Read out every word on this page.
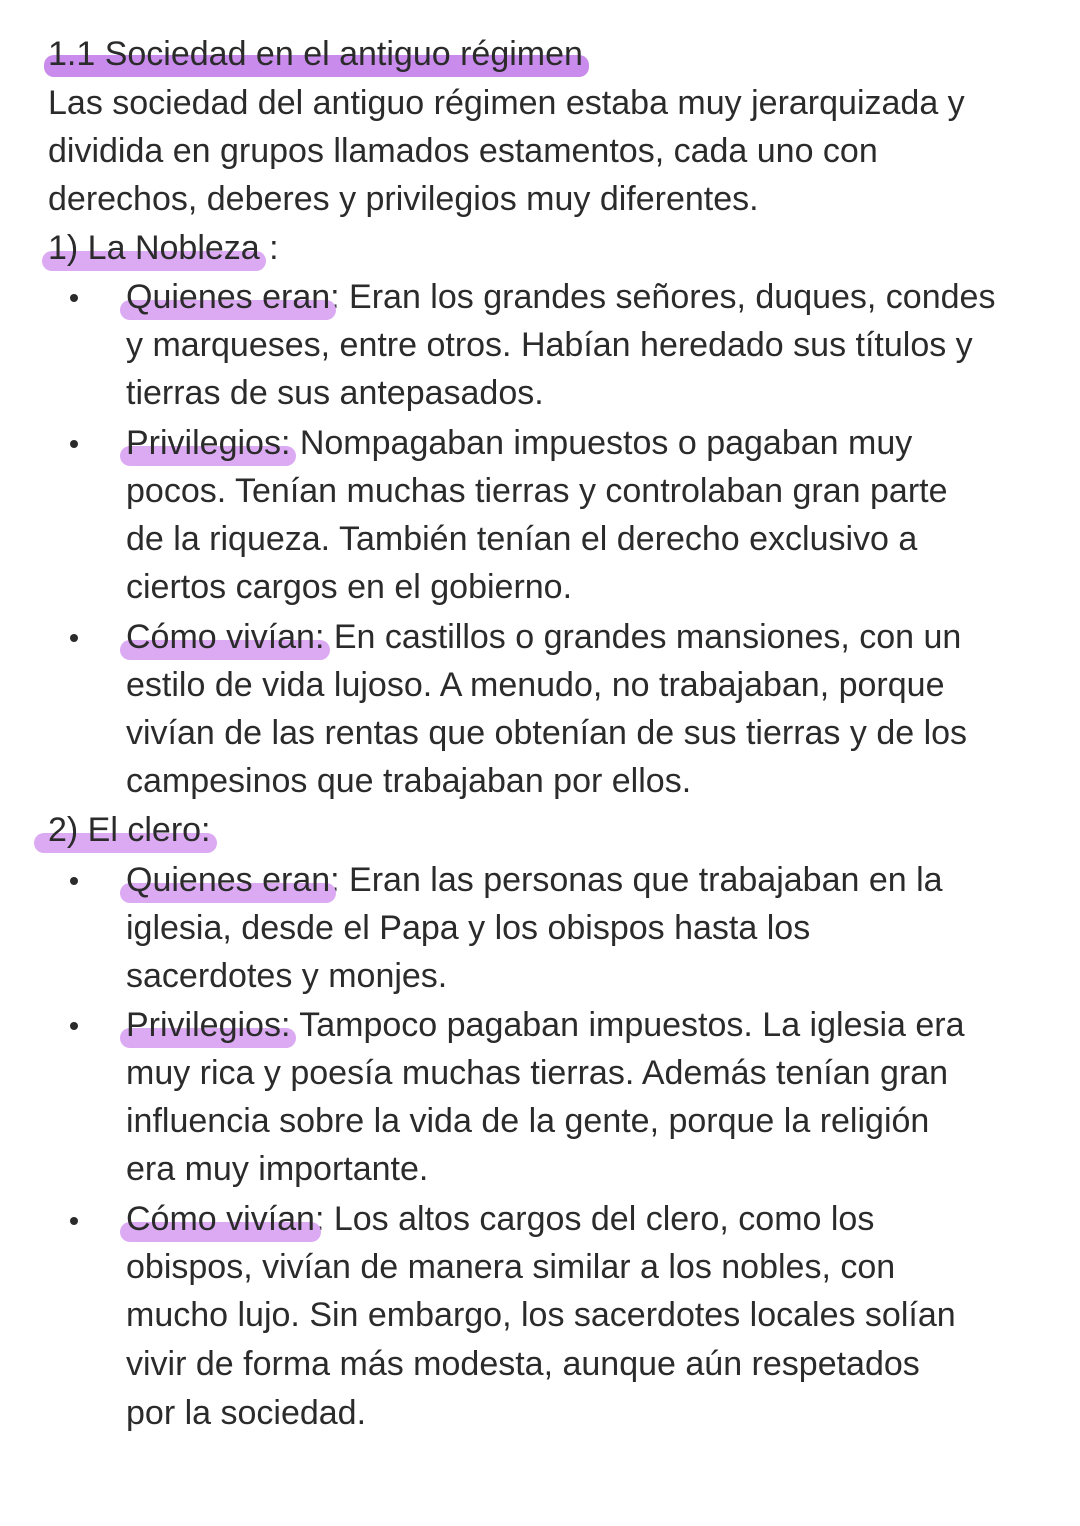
1.1 Sociedad en el antiguo régimen
Las sociedad del antiguo régimen estaba muy jerarquizada y
dividida en grupos llamados estamentos, cada uno con
derechos, deberes y privilegios muy diferentes.
1) La Nobleza :
Quienes eran: Eran los grandes señores, duques, condes
y marqueses, entre otros. Habían heredado sus títulos y
tierras de sus antepasados.
Privilegios: Nompagaban impuestos o pagaban muy
pocos. Tenían muchas tierras y controlaban gran parte
de la riqueza. También tenían el derecho exclusivo a
ciertos cargos en el gobierno.
Cómo vivían: En castillos o grandes mansiones, con un
estilo de vida lujoso. A menudo, no trabajaban, porque
vivían de las rentas que obtenían de sus tierras y de los
campesinos que trabajaban por ellos.
2) El clero:
Quienes eran: Eran las personas que trabajaban en la
iglesia, desde el Papa y los obispos hasta los
sacerdotes y monjes.
Privilegios: Tampoco pagaban impuestos. La iglesia era
muy rica y poesía muchas tierras. Además tenían gran
influencia sobre la vida de la gente, porque la religión
era muy importante.
Cómo vivían: Los altos cargos del clero, como los
obispos, vivían de manera similar a los nobles, con
mucho lujo. Sin embargo, los sacerdotes locales solían
vivir de forma más modesta, aunque aún respetados
por la sociedad.
